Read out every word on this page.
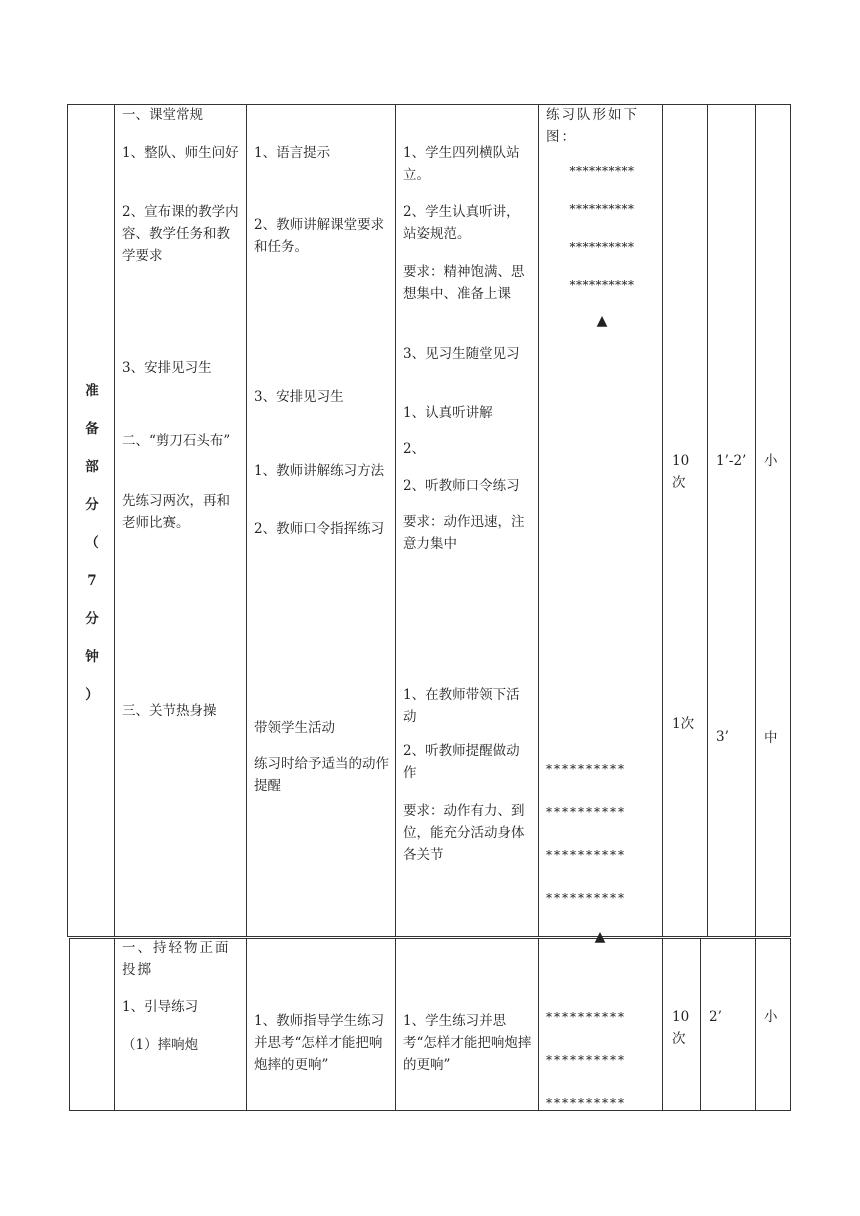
准
备
部
分
（
7
分
钟
）
一、课堂常规
1、整队、师生问好
2、宣布课的教学内容、教学任务和教学要求
3、安排见习生
二、“剪刀石头布”
先练习两次，再和老师比赛。
三、关节热身操
1、语言提示
2、教师讲解课堂要求和任务。
3、安排见习生
1、教师讲解练习方法
2、教师口令指挥练习
带领学生活动
练习时给予适当的动作提醒
1、学生四列横队站立。
2、学生认真听讲，站姿规范。
要求：精神饱满、思想集中、准备上课
3、见习生随堂见习
1、认真听讲解
2、
2、听教师口令练习
要求：动作迅速，注意力集中
1、在教师带领下活动
2、听教师提醒做动作
要求：动作有力、到位，能充分活动身体各关节
练习队形如下图：

**********

**********

**********

**********

▲

**********

**********

**********

**********

▲
10次
1次
1’-2’
3’
小
中
一、持轻物正面投掷
1、引导练习
（1）摔响炮
1、教师指导学生练习并思考“怎样才能把响炮摔的更响”
1、学生练习并思考“怎样才能把响炮摔的更响”

**********

**********

**********

10次
2’	小
